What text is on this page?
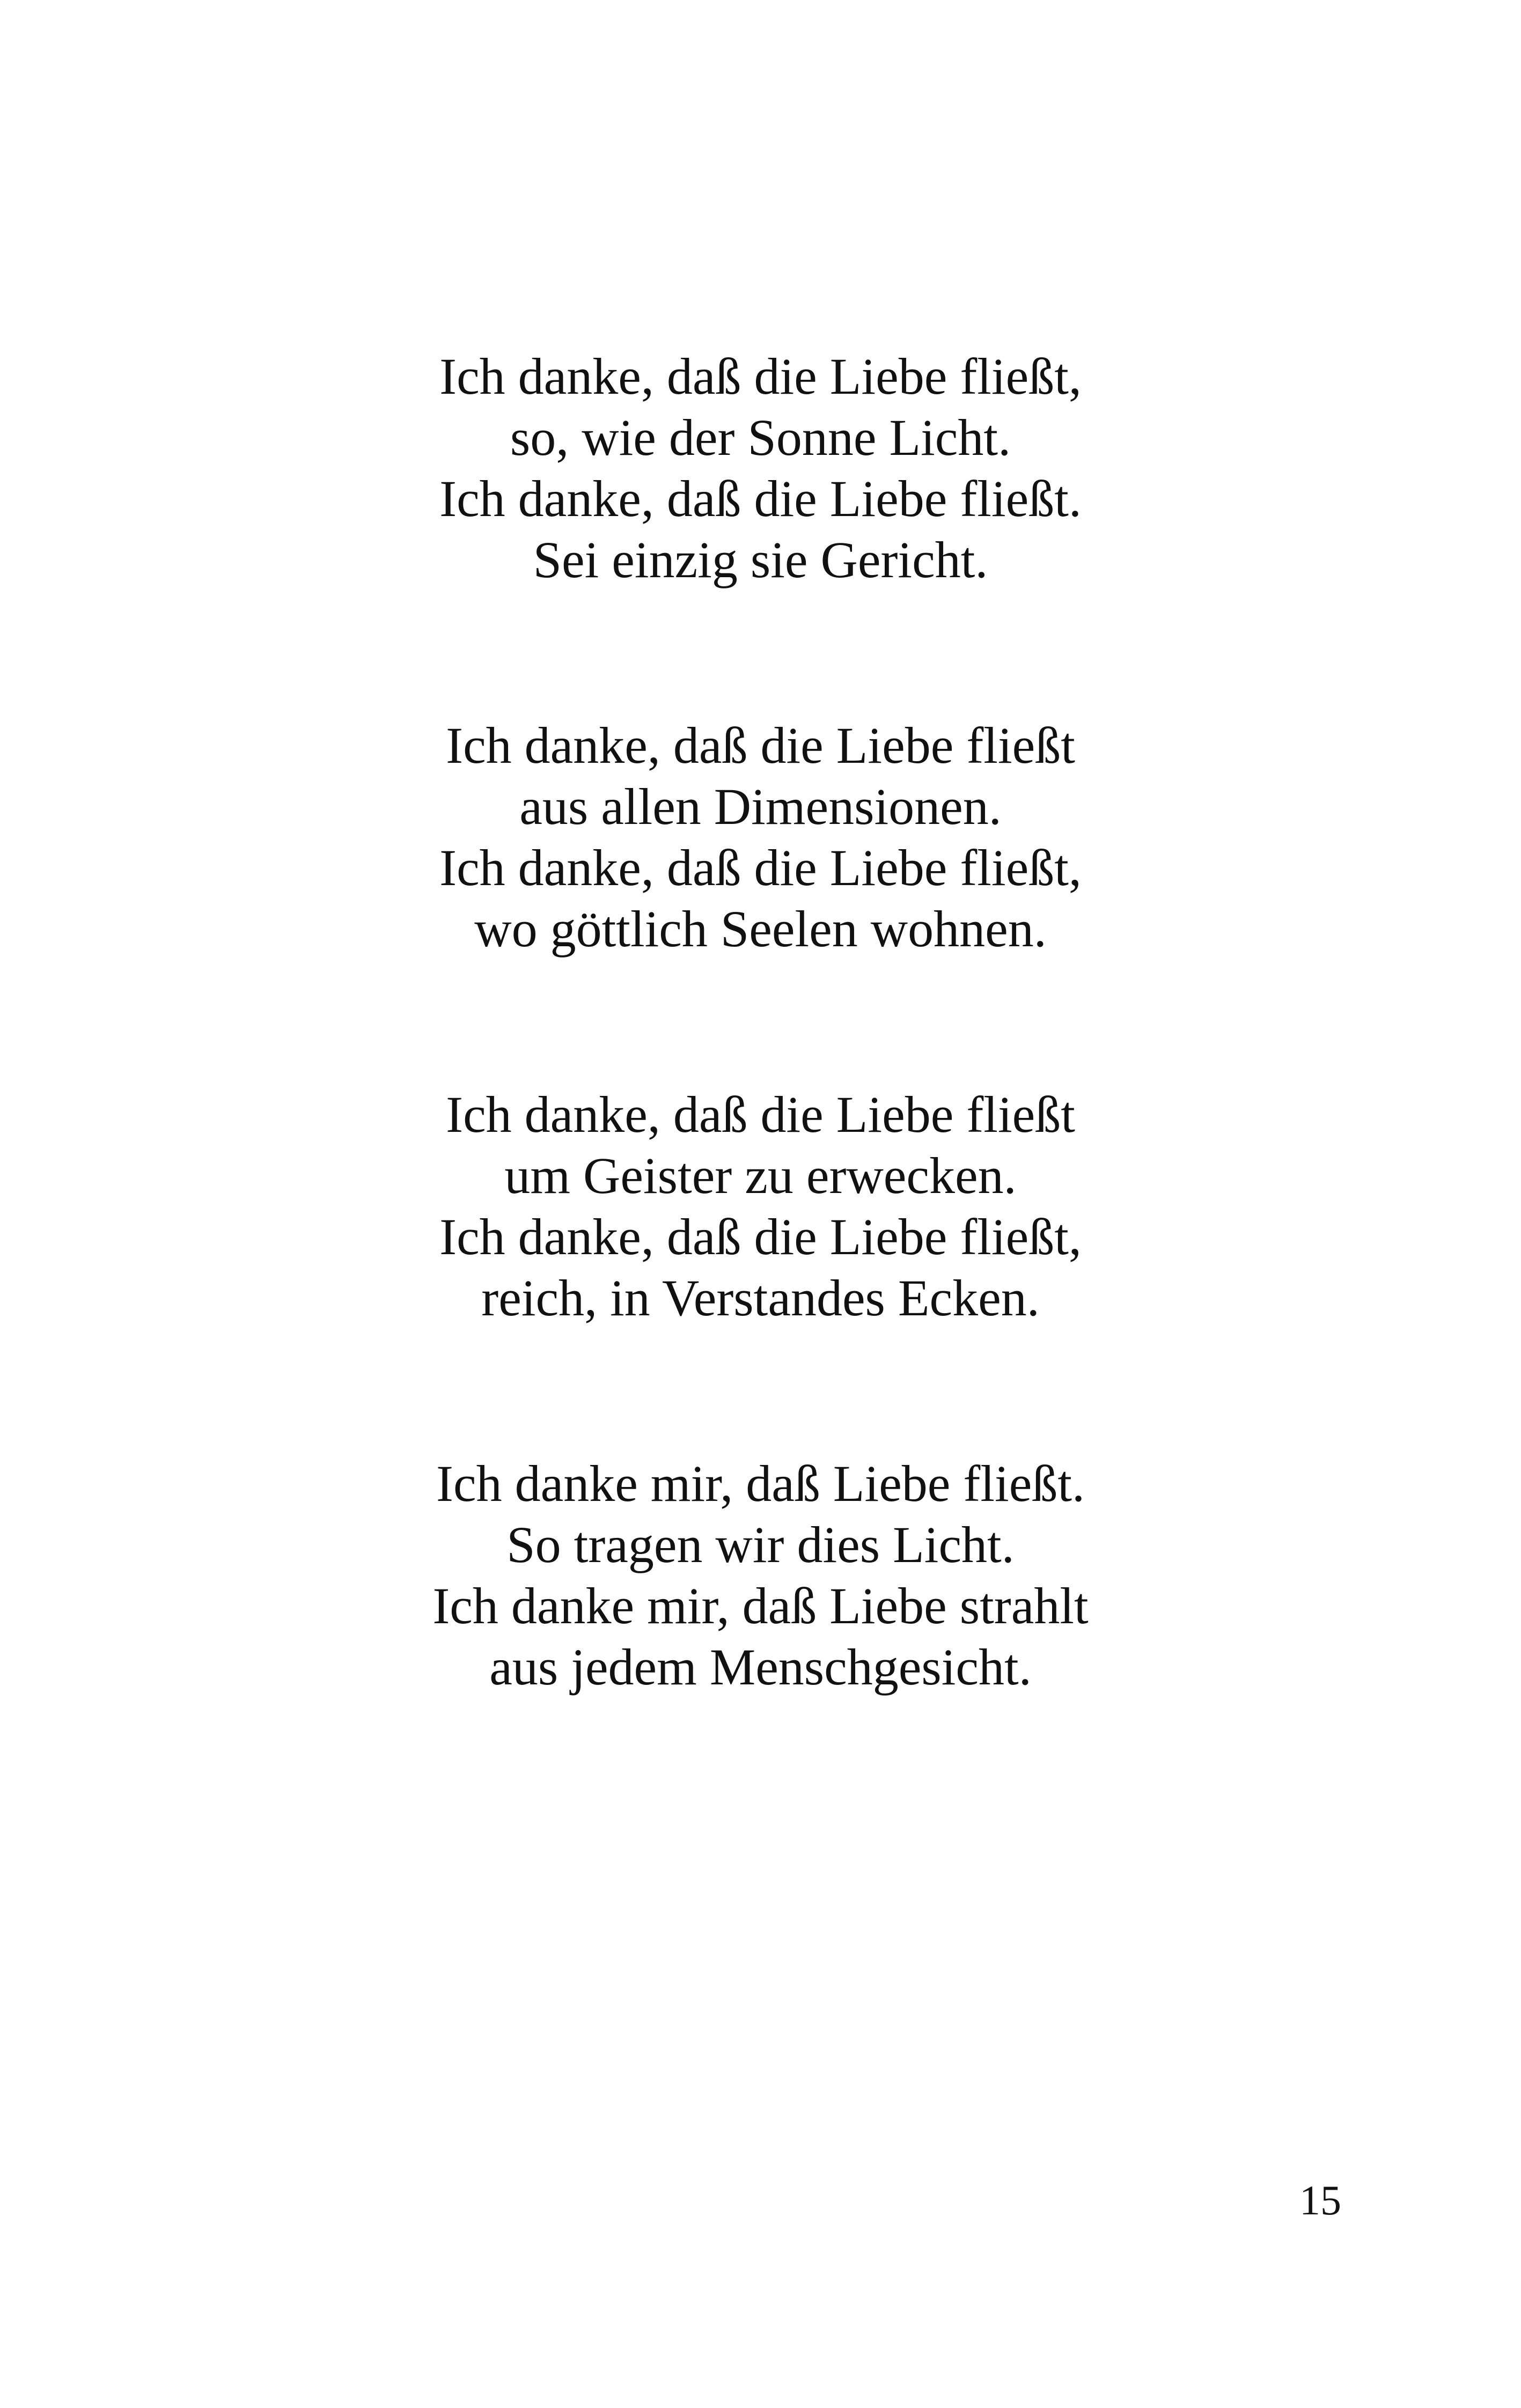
Ich danke, daß die Liebe fließt,
so, wie der Sonne Licht.
Ich danke, daß die Liebe fließt.
Sei einzig sie Gericht.
Ich danke, daß die Liebe fließt
aus allen Dimensionen.
Ich danke, daß die Liebe fließt,
wo göttlich Seelen wohnen.
Ich danke, daß die Liebe fließt
um Geister zu erwecken.
Ich danke, daß die Liebe fließt,
reich, in Verstandes Ecken.
Ich danke mir, daß Liebe fließt.
So tragen wir dies Licht.
Ich danke mir, daß Liebe strahlt
aus jedem Menschgesicht.
15
